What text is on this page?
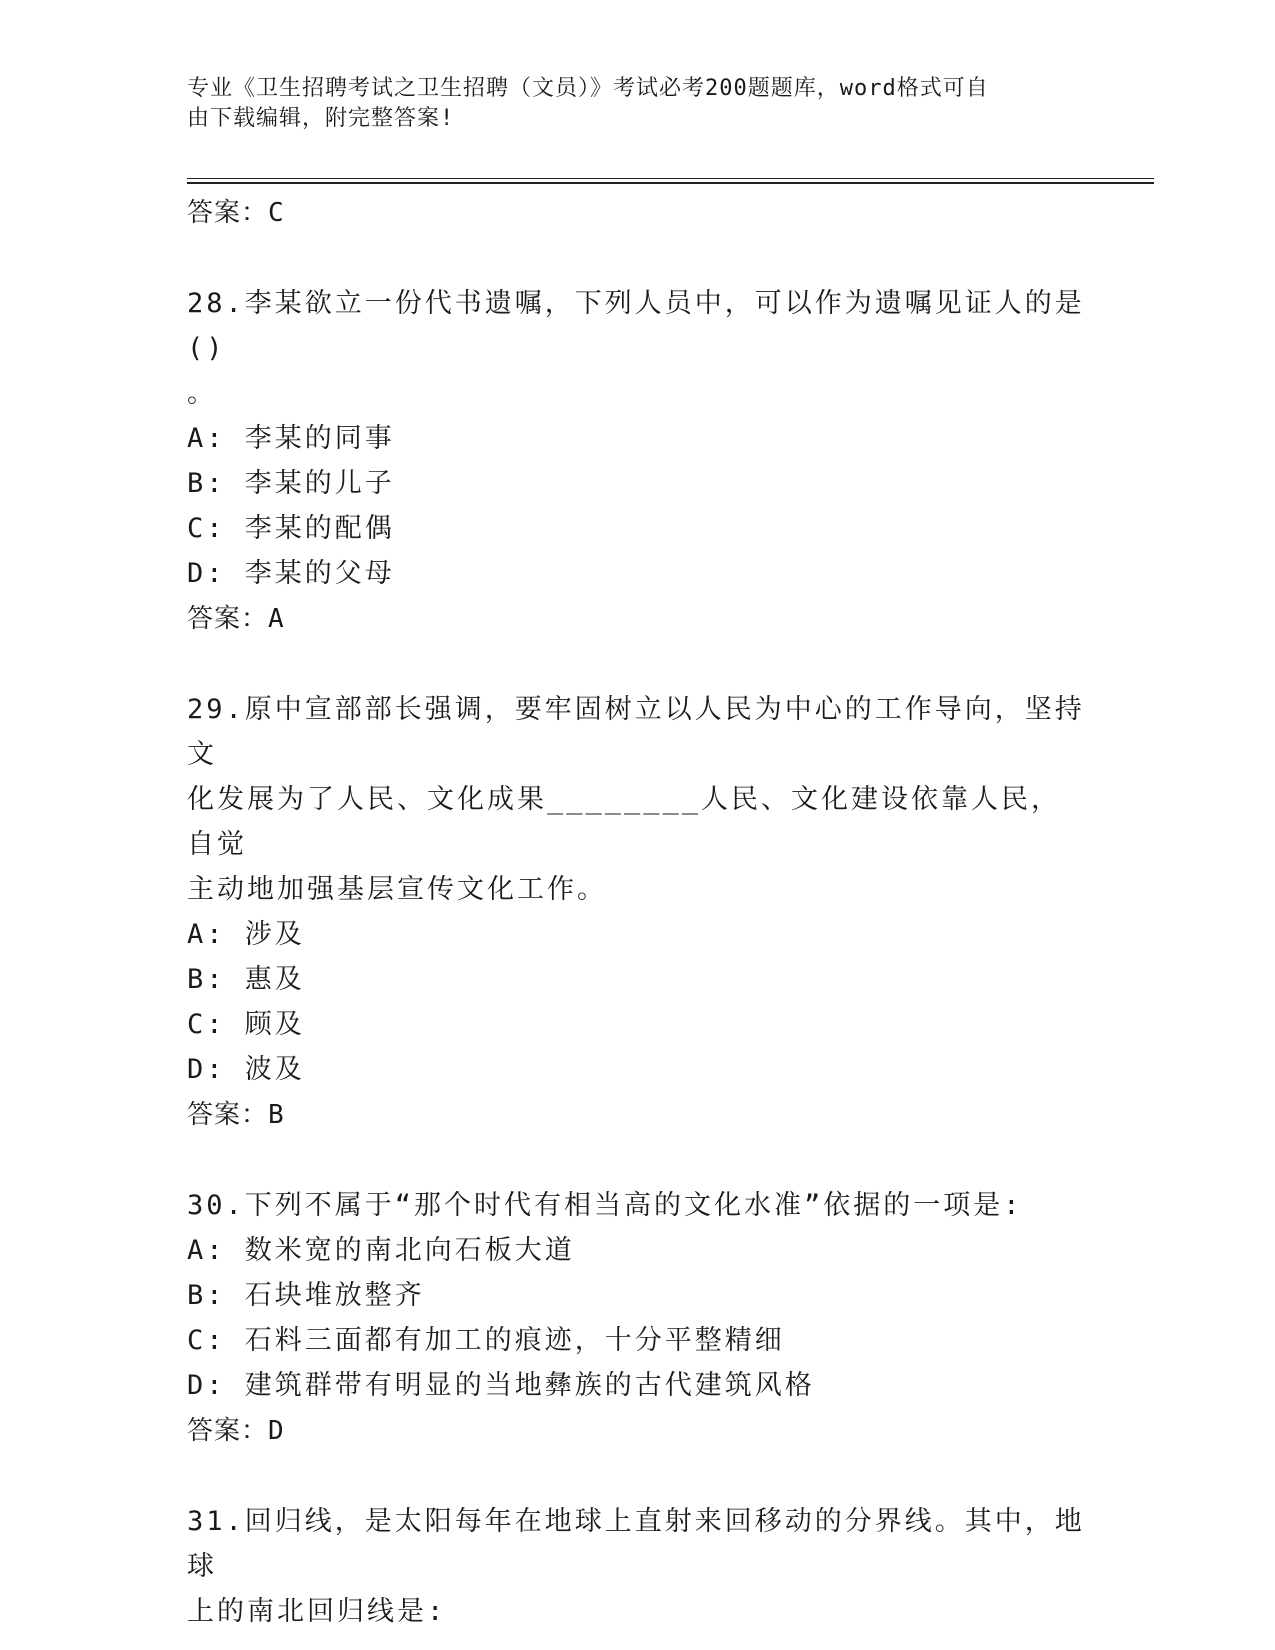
专业《卫生招聘考试之卫生招聘（文员）》考试必考200题题库，word格式可自
由下载编辑，附完整答案!

答案：C

28.李某欲立一份代书遗嘱，下列人员中，可以作为遗嘱见证人的是()

。

A: 李某的同事

B: 李某的儿子

C: 李某的配偶

D: 李某的父母

答案：A

29.原中宣部部长强调，要牢固树立以人民为中心的工作导向，坚持文

化发展为了人民、文化成果________人民、文化建设依靠人民，自觉

主动地加强基层宣传文化工作。

A: 涉及

B: 惠及

C: 顾及

D: 波及

答案：B

30.下列不属于“那个时代有相当高的文化水准”依据的一项是:

A: 数米宽的南北向石板大道

B: 石块堆放整齐

C: 石料三面都有加工的痕迹，十分平整精细

D: 建筑群带有明显的当地彝族的古代建筑风格

答案：D

31.回归线，是太阳每年在地球上直射来回移动的分界线。其中，地球

上的南北回归线是:
